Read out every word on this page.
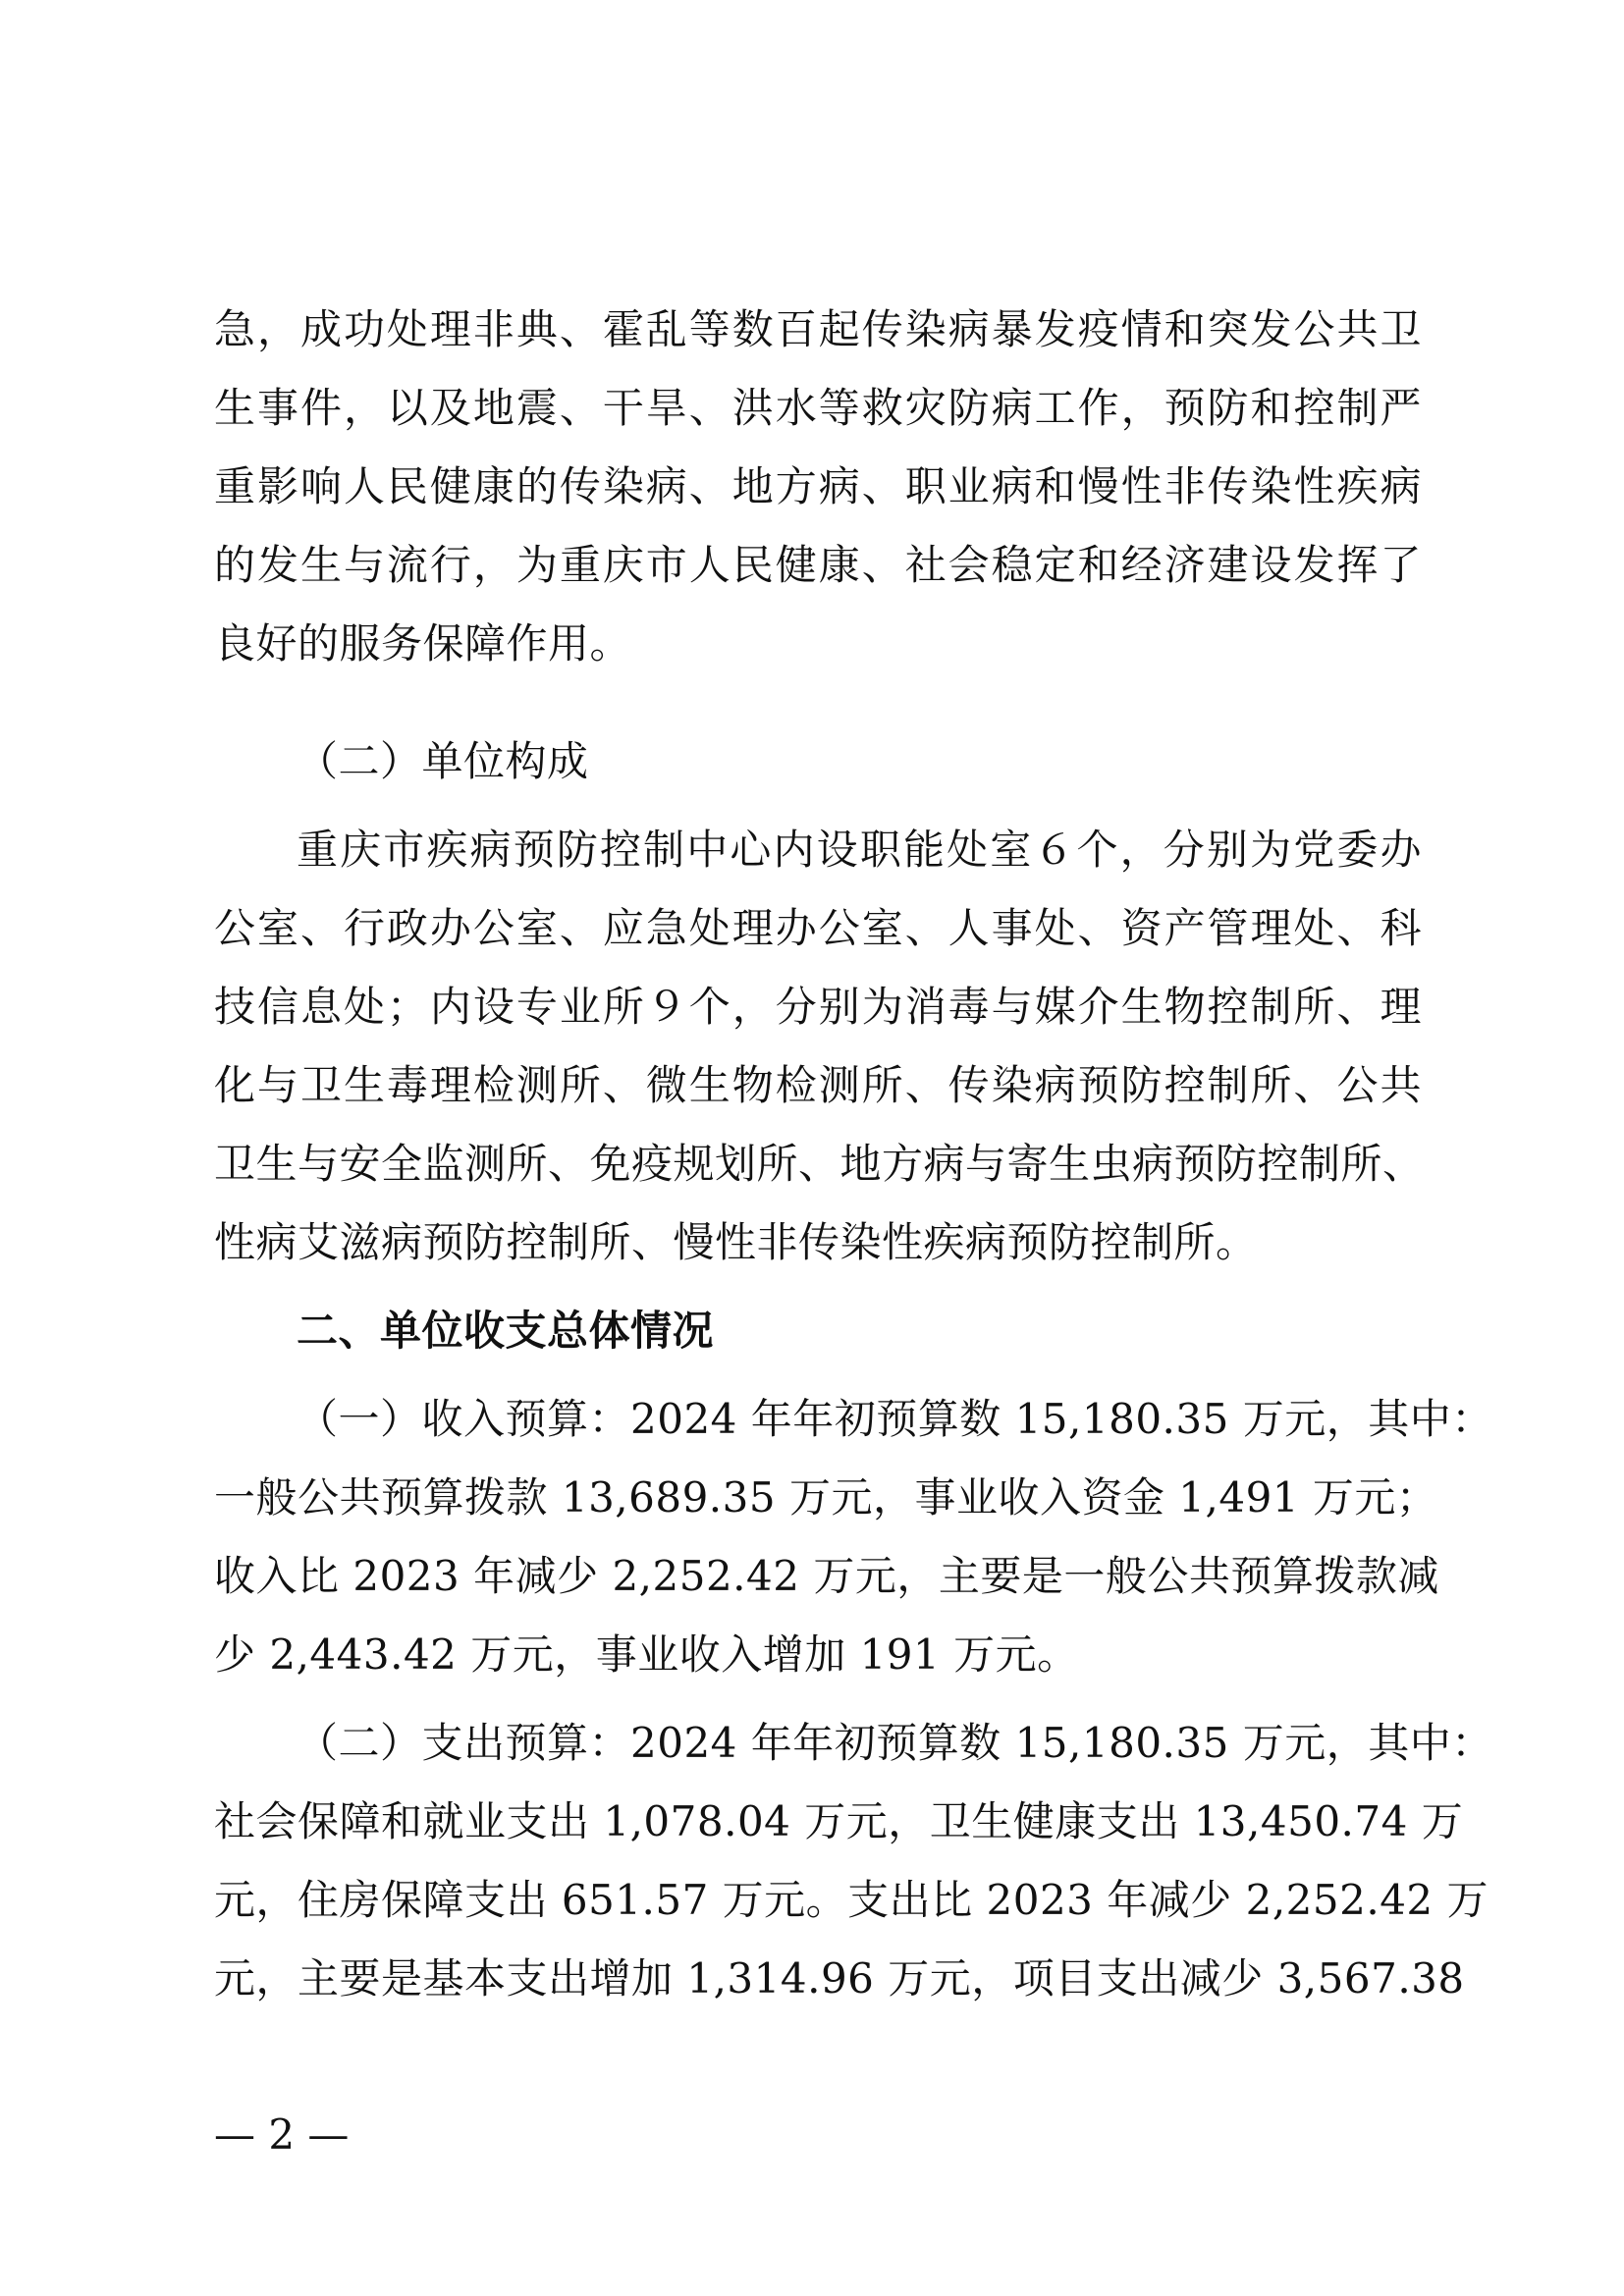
急，成功处理非典、霍乱等数百起传染病暴发疫情和突发公共卫
生事件，以及地震、干旱、洪水等救灾防病工作，预防和控制严
重影响人民健康的传染病、地方病、职业病和慢性非传染性疾病
的发生与流行，为重庆市人民健康、社会稳定和经济建设发挥了
良好的服务保障作用。
（二）单位构成
重庆市疾病预防控制中心内设职能处室６个，分别为党委办
公室、行政办公室、应急处理办公室、人事处、资产管理处、科
技信息处；内设专业所９个，分别为消毒与媒介生物控制所、理
化与卫生毒理检测所、微生物检测所、传染病预防控制所、公共
卫生与安全监测所、免疫规划所、地方病与寄生虫病预防控制所、
性病艾滋病预防控制所、慢性非传染性疾病预防控制所。
二、单位收支总体情况
（一）收入预算：2024 年年初预算数 15,180.35 万元，其中：
一般公共预算拨款 13,689.35 万元，事业收入资金 1,491 万元；
收入比 2023 年减少 2,252.42 万元，主要是一般公共预算拨款减
少 2,443.42 万元，事业收入增加 191 万元。
（二）支出预算：2024 年年初预算数 15,180.35 万元，其中：
社会保障和就业支出 1,078.04 万元，卫生健康支出 13,450.74 万
元，住房保障支出 651.57 万元。支出比 2023 年减少 2,252.42 万
元，主要是基本支出增加 1,314.96 万元，项目支出减少 3,567.38
— 2 —
